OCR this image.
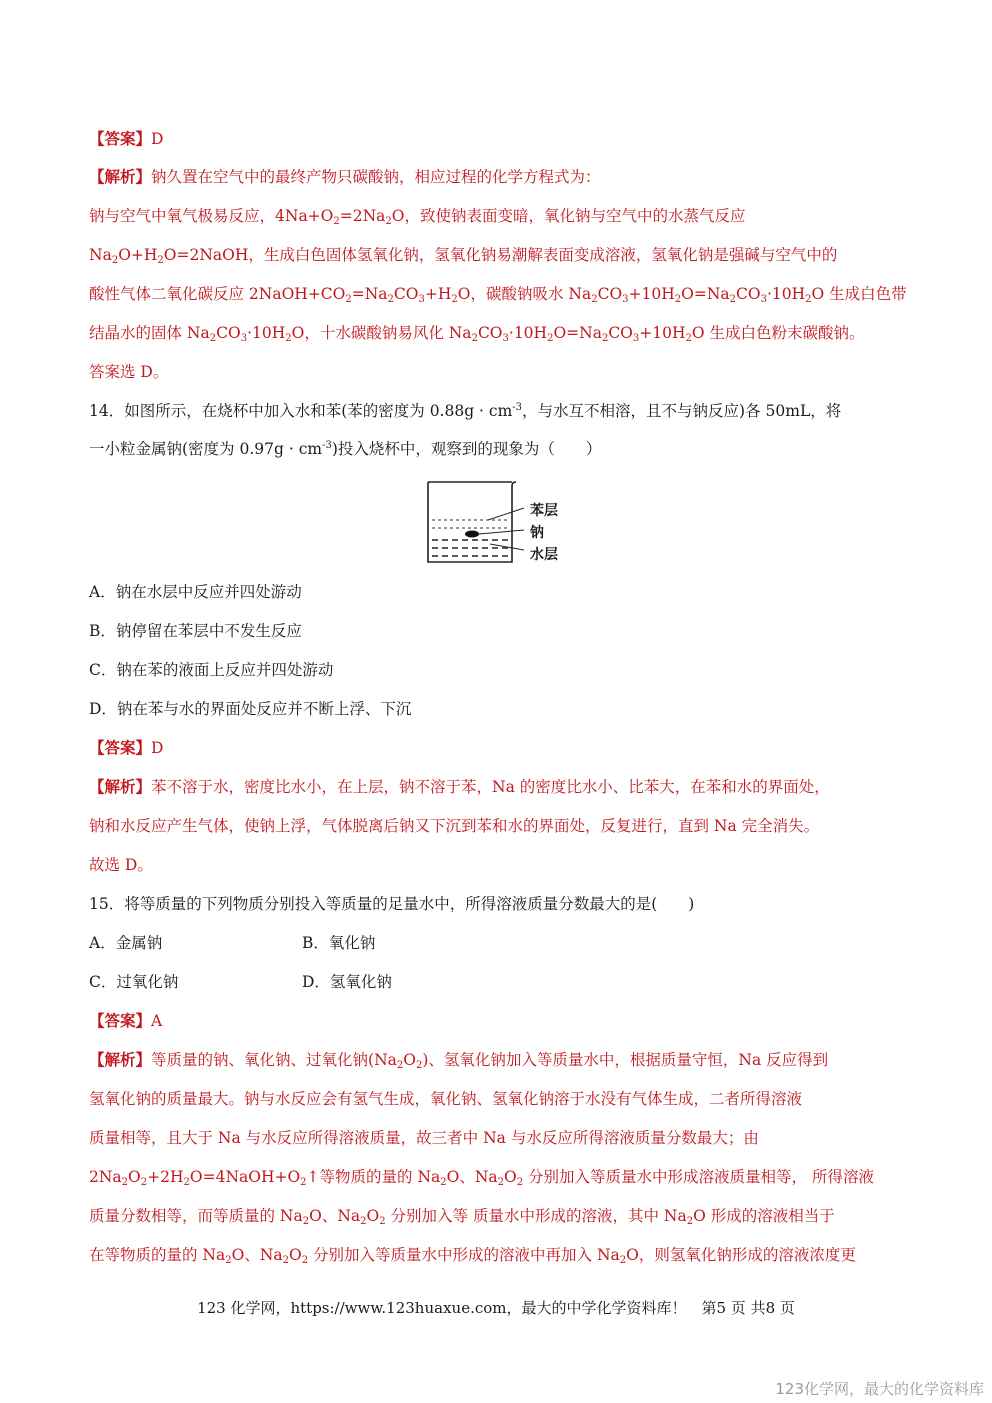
【答案】D
【解析】钠久置在空气中的最终产物只碳酸钠，相应过程的化学方程式为：
钠与空气中氧气极易反应，$4Na+O_2=2Na_2O$，致使钠表面变暗，氧化钠与空气中的水蒸气反应
$Na_2O+H_2O=2NaOH$，生成白色固体氢氧化钠，氢氧化钠易潮解表面变成溶液，氢氧化钠是强碱与空气中的
酸性气体二氧化碳反应 $2NaOH+CO_2=Na_2CO_3+H_2O$，碳酸钠吸水 $Na_2CO_3+10H_2O=Na_2CO_3\cdot 10H_2O$ 生成白色带
结晶水的固体 $Na_2CO_3\cdot 10H_2O$，十水碳酸钠易风化 $Na_2CO_3\cdot 10H_2O=Na_2CO_3+10H_2O$ 生成白色粉末碳酸钠。
答案选 D。
14．如图所示，在烧杯中加入水和苯(苯的密度为 $0.88g \cdot cm^{-3}$，与水互不相溶，且不与钠反应)各 50mL，将
一小粒金属钠(密度为 $0.97g \cdot cm^{-3}$)投入烧杯中，观察到的现象为（　　）
苯层
钠
水层
A．钠在水层中反应并四处游动
B．钠停留在苯层中不发生反应
C．钠在苯的液面上反应并四处游动
D．钠在苯与水的界面处反应并不断上浮、下沉
【答案】D
【解析】苯不溶于水，密度比水小，在上层，钠不溶于苯，Na 的密度比水小、比苯大，在苯和水的界面处，
钠和水反应产生气体，使钠上浮，气体脱离后钠又下沉到苯和水的界面处，反复进行，直到 Na 完全消失。
故选 D。
15．将等质量的下列物质分别投入等质量的足量水中，所得溶液质量分数最大的是(　　)
A．金属钠	B．氧化钠
C．过氧化钠	D．氢氧化钠
【答案】A
【解析】等质量的钠、氧化钠、过氧化钠$(Na_2O_2)$、氢氧化钠加入等质量水中，根据质量守恒，Na 反应得到
氢氧化钠的质量最大。钠与水反应会有氢气生成，氧化钠、氢氧化钠溶于水没有气体生成，二者所得溶液
质量相等，且大于 Na 与水反应所得溶液质量，故三者中 Na 与水反应所得溶液质量分数最大；由
$2Na_2O_2+2H_2O=4NaOH+O_2↑$等物质的量的 $Na_2O$、$Na_2O_2$ 分别加入等质量水中形成溶液质量相等， 所得溶液
质量分数相等，而等质量的 $Na_2O$、$Na_2O_2$ 分别加入等 质量水中形成的溶液，其中 $Na_2O$ 形成的溶液相当于
在等物质的量的 $Na_2O$、$Na_2O_2$ 分别加入等质量水中形成的溶液中再加入 $Na_2O$，则氢氧化钠形成的溶液浓度更
123 化学网，https://www.123huaxue.com，最大的中学化学资料库！　第5 页 共8 页
123化学网，最大的化学资料库
